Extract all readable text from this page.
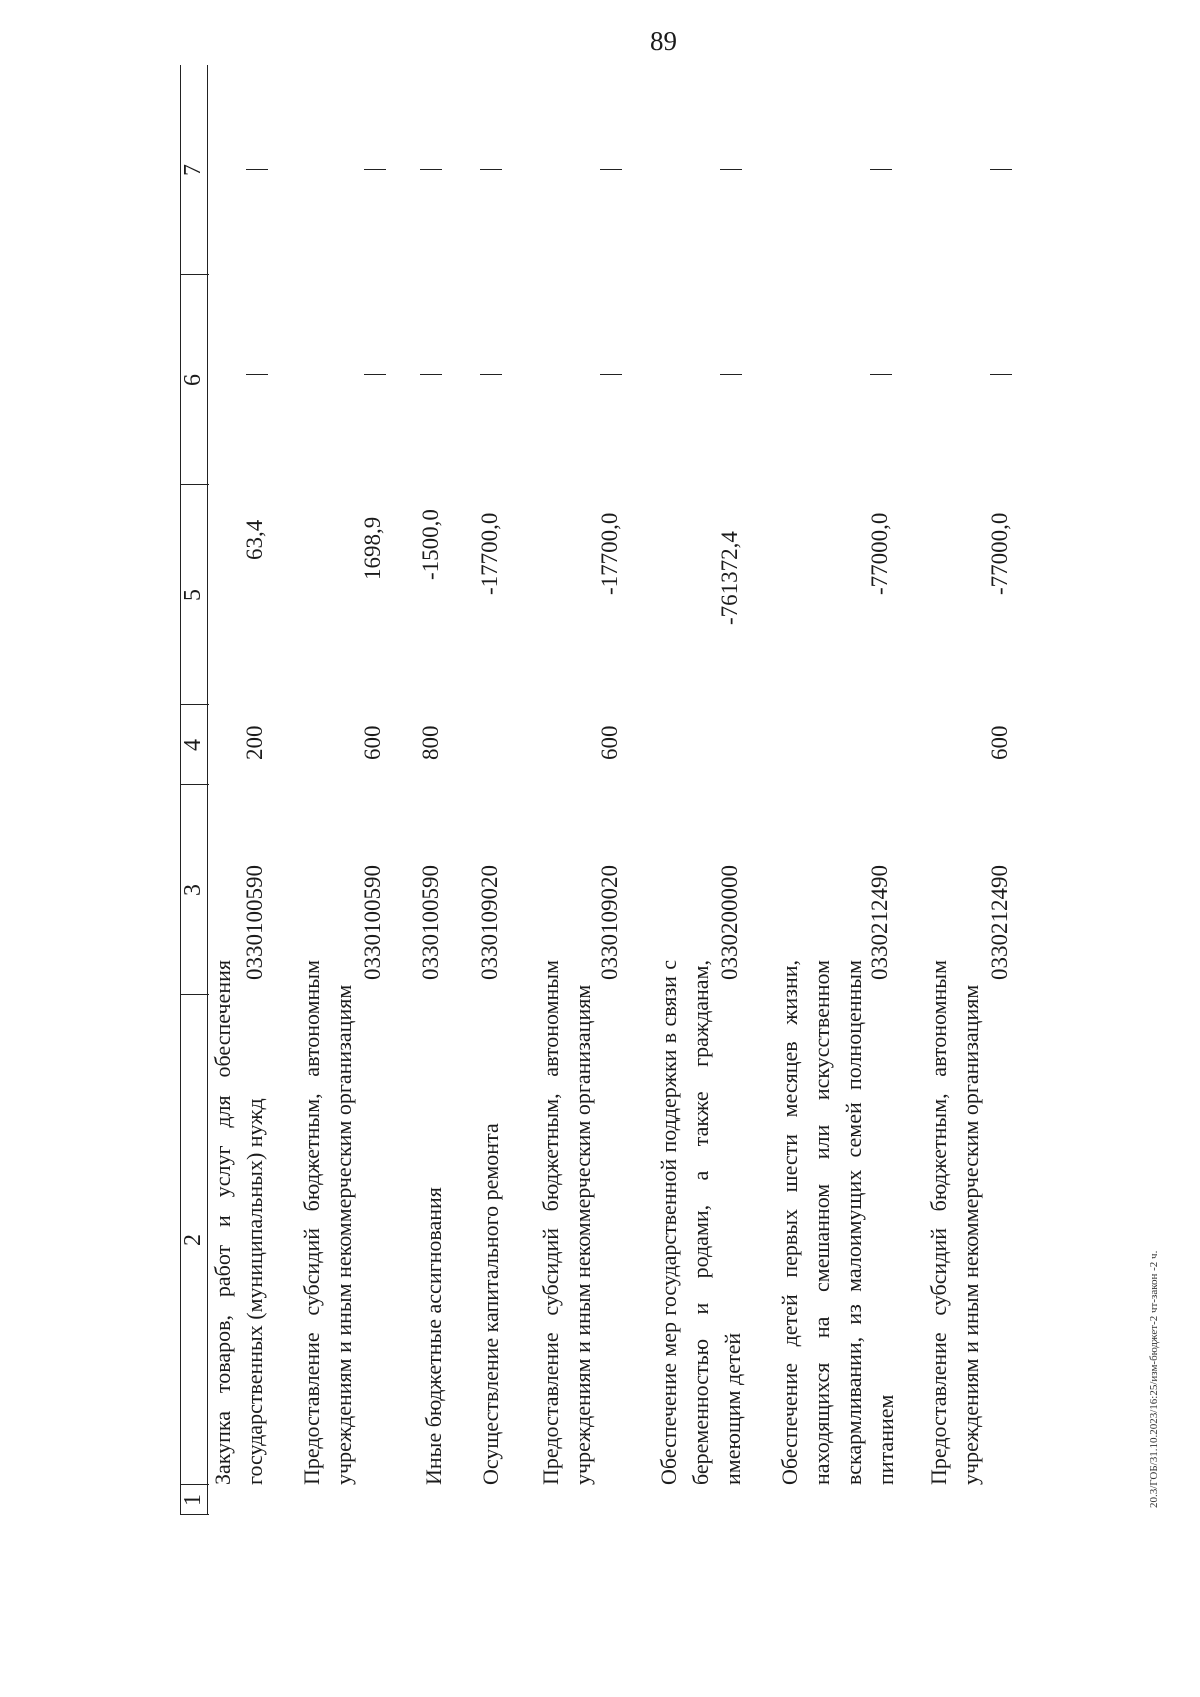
89
1
2
3
4
5
6
7
Закупка товаров, работ и услуг для обеспечения государственных (муниципальных) нужд
0330100590
200
63,4
Предоставление субсидий бюджетным, автономным учреждениям и иным некоммерческим организациям
0330100590
600
1698,9
Иные бюджетные ассигнования
0330100590
800
-1500,0
Осуществление капитального ремонта
0330109020
-17700,0
Предоставление субсидий бюджетным, автономным учреждениям и иным некоммерческим организациям
0330109020
600
-17700,0
Обеспечение мер государственной поддержки в связи с беременностью и родами, а также гражданам, имеющим детей
0330200000
-761372,4
Обеспечение детей первых шести месяцев жизни, находящихся на смешанном или искусственном вскармливании, из малоимущих семей полноценным питанием
0330212490
-77000,0
Предоставление субсидий бюджетным, автономным учреждениям и иным некоммерческим организациям
0330212490
600
-77000,0
20.3/ГОБ/31.10.2023/16:25/изм-бюджет-2 чт-закон -2 ч.
